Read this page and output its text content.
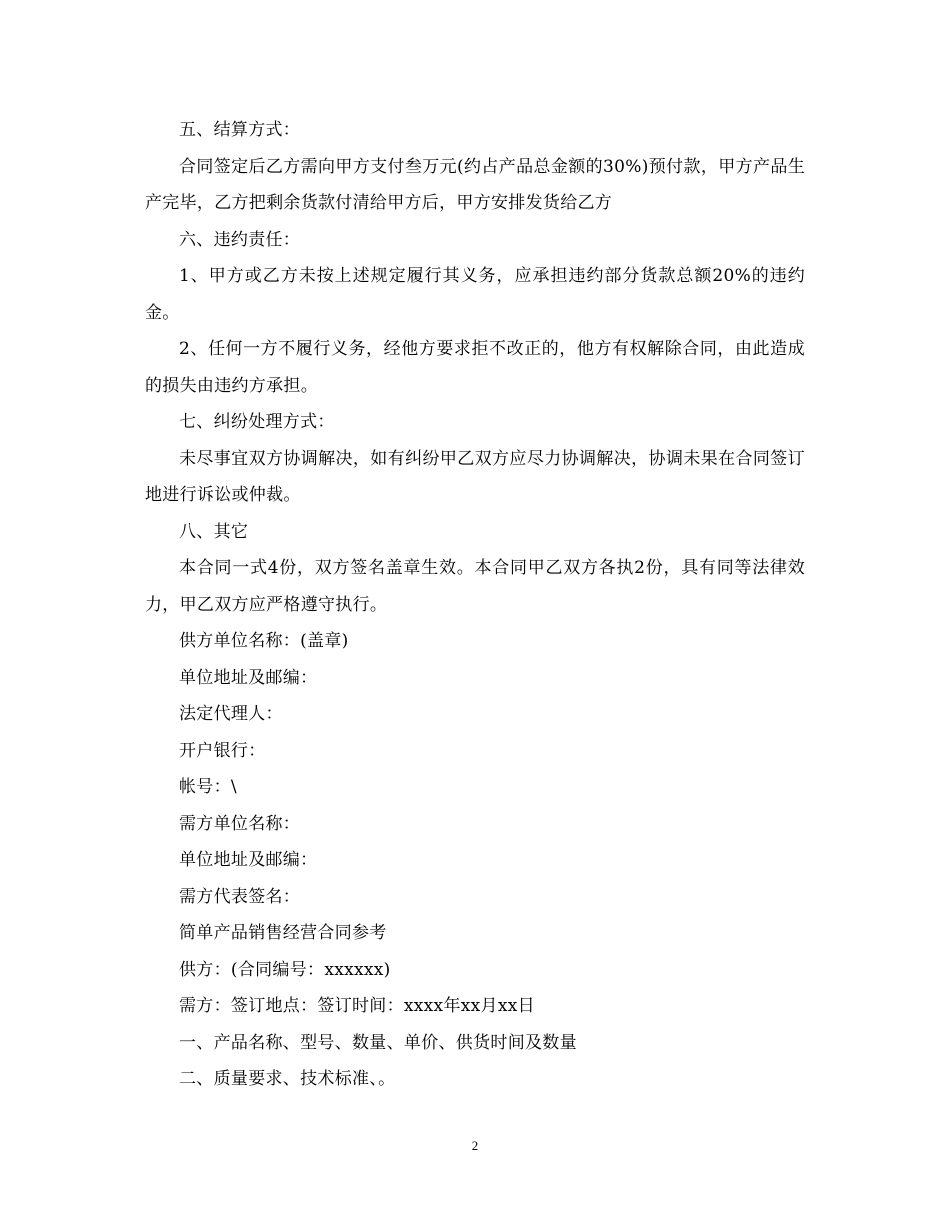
五、结算方式：

合同签定后乙方需向甲方支付叁万元(约占产品总金额的30%)预付款，甲方产品生产完毕，乙方把剩余货款付清给甲方后，甲方安排发货给乙方

六、违约责任：

1、甲方或乙方未按上述规定履行其义务，应承担违约部分货款总额20%的违约金。

2、任何一方不履行义务，经他方要求拒不改正的，他方有权解除合同，由此造成的损失由违约方承担。

七、纠纷处理方式：

未尽事宜双方协调解决，如有纠纷甲乙双方应尽力协调解决，协调未果在合同签订地进行诉讼或仲裁。

八、其它

本合同一式4份，双方签名盖章生效。本合同甲乙双方各执2份，具有同等法律效力，甲乙双方应严格遵守执行。

供方单位名称：(盖章)

单位地址及邮编：

法定代理人：

开户银行：

帐号：\

需方单位名称：

单位地址及邮编：

需方代表签名：

简单产品销售经营合同参考

供方：(合同编号：xxxxxx)

需方：签订地点：签订时间：xxxx年xx月xx日

一、产品名称、型号、数量、单价、供货时间及数量

二、质量要求、技术标准、。

2
